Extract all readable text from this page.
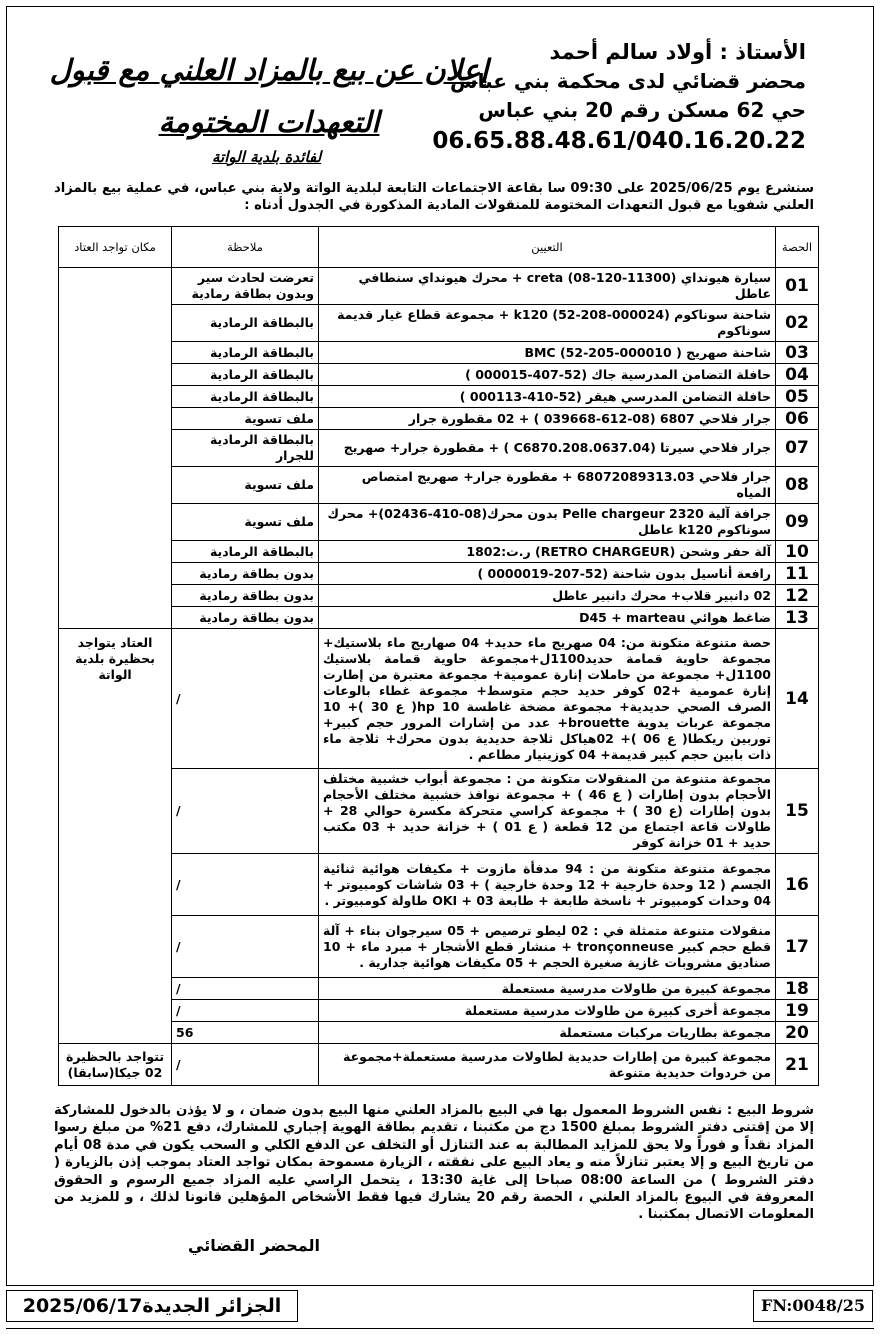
الأستاذ : أولاد سالم أحمد
محضر قضائي لدى محكمة بني عباس
حي 62 مسكن رقم 20 بني عباس
06.65.88.48.61/040.16.20.22
إعلان عن بيع بالمزاد العلني مع قبول التعهدات المختومة
لفائدة بلدية الواتة
سنشرع يوم 2025/06/25 على 09:30 سا بقاعة الاجتماعات التابعة لبلدية الواتة ولاية بني عباس، في عملية بيع بالمزاد العلني شفويا مع قبول التعهدات المختومة للمنقولات المادية المذكورة في الجدول أدناه :
الحصة	التعيين	ملاحظة	مكان تواجد العتاد
01	سيارة هيونداي creta (08-120-11300) + محرك هيونداي سنطافي عاطل	تعرضت لحادث سير وبدون بطاقة رمادية	
02	شاحنة سوناكوم k120 (52-208-000024) + مجموعة قطاع غيار قديمة سوناكوم	بالبطاقة الرمادية	
03	شاحنة صهريج BMC (52-205-000010 )	بالبطاقة الرمادية	
04	حافلة التضامن المدرسية جاك (52-407-000015 )	بالبطاقة الرمادية	
05	حافلة التضامن المدرسي هيقر (52-410-000113 )	بالبطاقة الرمادية	
06	جرار فلاحي 6807 (08-612-039668 ) + 02 مقطورة جرار	ملف تسوية	
07	جرار فلاحي سيرتا (C6870.208.0637.04 ) + مقطورة جرار+ صهريج	بالبطاقة الرمادية للجرار	
08	جرار فلاحي 68072089313.03 + مقطورة جرار+ صهريج امتصاص المياه	ملف تسوية	
09	جرافة آلية Pelle chargeur 2320 بدون محرك(08-410-02436)+ محرك سوناكوم k120 عاطل	ملف تسوية	
10	آلة حفر وشحن (RETRO CHARGEUR) ر.ت:1802	بالبطاقة الرمادية	
11	رافعة أناسيل بدون شاحنة (52-207-0000019 )	بدون بطاقة رمادية	
12	02 دانبير قلاب+ محرك دانبير عاطل	بدون بطاقة رمادية	
13	ضاغط هوائي D45 + marteau	بدون بطاقة رمادية	
14	حصة متنوعة متكونة من: 04 صهريج ماء حديد+ 04 صهاريج ماء بلاستيك+ مجموعة حاوية قمامة حديد1100ل+مجموعة حاوية قمامة بلاستيك 1100ل+ مجموعة من حاملات إنارة عمومية+ مجموعة معتبرة من إطارت إنارة عمومية +02 كوفر حديد حجم متوسط+ مجموعة غطاء بالوعات الصرف الصحي حديدية+ مجموعة مضخة غاطسة 10 hp( ع 30 )+ 10 مجموعة عربات يدوية brouette+ عدد من إشارات المرور حجم كبير+ توربين ريكطا( ع 06 )+ 02هياكل ثلاجة حديدية بدون محرك+ ثلاجة ماء ذات بابين حجم كبير قديمة+ 04 كوزينيار مطاعم .	/	العتاد يتواجد بحظيرة بلدية الواتة
15	مجموعة متنوعة من المنقولات متكونة من : مجموعة أبواب خشبية مختلف الأحجام بدون إطارات ( ع 46 ) + مجموعة نوافذ خشبية مختلف الأحجام بدون إطارات (ع 30 ) + مجموعة كراسي متحركة مكسرة حوالي 28 + طاولات قاعة اجتماع من 12 قطعة ( ع 01 ) + خزانة حديد + 03 مكتب حديد + 01 خزانة كوفر	/	
16	مجموعة متنوعة متكونة من : 94 مدفأة مازوت + مكيفات هوائية ثنائية الجسم ( 12 وحدة خارجية + 12 وحدة خارجية ) + 03 شاشات كومبيوتر + 04 وحدات كومبيوتر + ناسخة طابعة + طابعة OKI + 03 طاولة كومبيوتر .	/	
17	منقولات متنوعة متمثلة في : 02 ليطو ترصيص + 05 سيرجوان بناء + آلة قطع حجم كبير tronçonneuse + منشار قطع الأشجار + مبرد ماء + 10 صناديق مشروبات غازية صغيرة الحجم + 05 مكيفات هوائية جدارية .	/	
18	مجموعة كبيرة من طاولات مدرسية مستعملة	/	
19	مجموعة أخرى كبيرة من طاولات مدرسية مستعملة	/	
20	مجموعة بطاريات مركبات مستعملة	56	
21	مجموعة كبيرة من إطارات حديدية لطاولات مدرسية مستعملة+مجموعة من خردوات حديدية متنوعة	/	تتواجد بالحظيرة 02 جيكا(سابقا)
شروط البيع : نفس الشروط المعمول بها في البيع بالمزاد العلني منها البيع بدون ضمان ، و لا يؤذن بالدخول للمشاركة إلا من إقتنى دفتر الشروط بمبلغ 1500 دج من مكتبنا ، تقديم بطاقة الهوية إجباري للمشارك، دفع 21% من مبلغ رسوا المزاد نقداً و فوراً ولا يحق للمزايد المطالبة به عند التنازل أو التخلف عن الدفع الكلي و السحب يكون في مدة 08 أيام من تاريخ البيع و إلا يعتبر تنازلاً منه و يعاد البيع على نفقته ، الزيارة مسموحة بمكان تواجد العتاد بموجب إذن بالزيارة ( دفتر الشروط ) من الساعة 08:00 صباحا إلى غاية 13:30 ، يتحمل الراسي عليه المزاد جميع الرسوم و الحقوق المعروفة في البيوع بالمزاد العلني ، الحصة رقم 20 يشارك فيها فقط الأشخاص المؤهلين قانونا لذلك ، و للمزيد من المعلومات الاتصال بمكتبنا .
المحضر القضائي
الجزائر الجديدة2025/06/17	FN:0048/25
